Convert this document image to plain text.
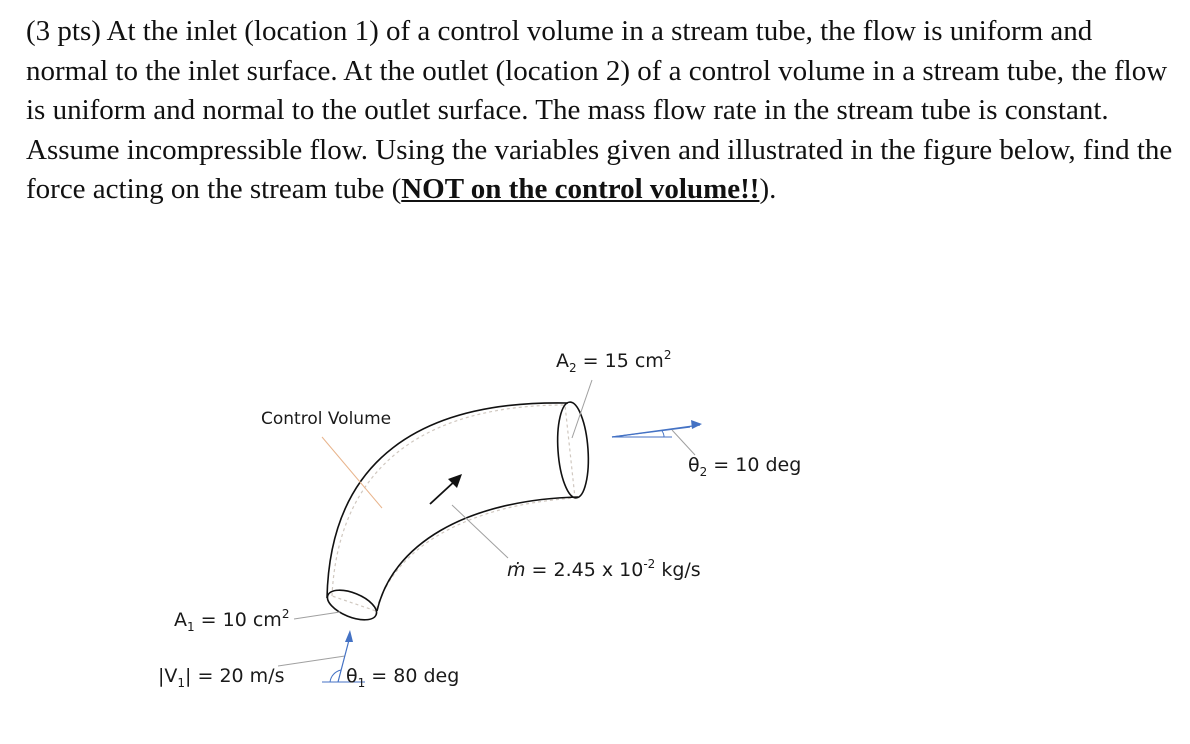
(3 pts) At the inlet (location 1) of a control volume in a stream tube, the flow is uniform and normal to the inlet surface. At the outlet (location 2) of a control volume in a stream tube, the flow is uniform and normal to the outlet surface. The mass flow rate in the stream tube is constant. Assume incompressible flow. Using the variables given and illustrated in the figure below, find the force acting on the stream tube (NOT on the control volume!!).
Control Volume
$A_2 = 15$ $cm^2$
$\theta_2 = 10$ deg
ṁ = 2.45 x $10^{-2}$ kg/s
$A_1 = 10$ $cm^2$
$|V_1| = 20$ m/s	$\theta_1 = 80$ deg
